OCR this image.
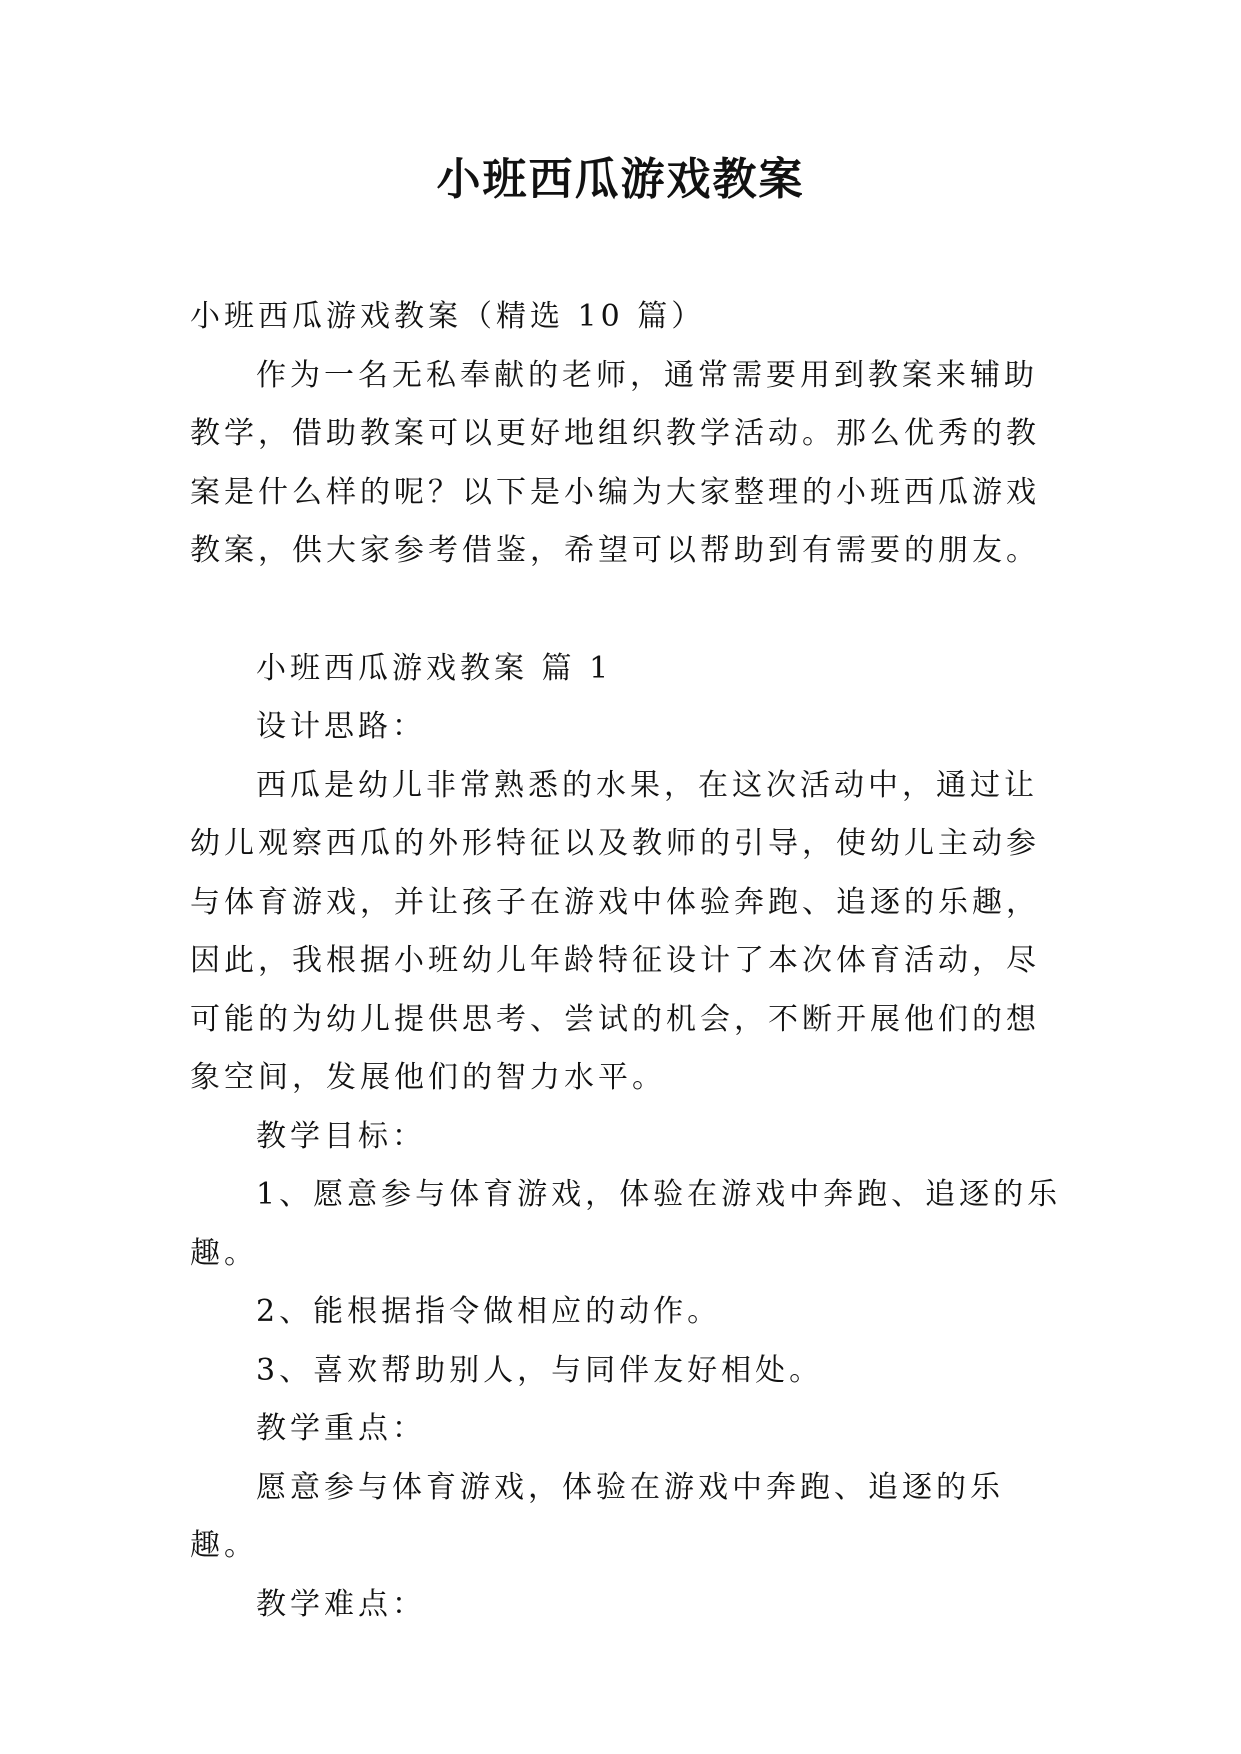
小班西瓜游戏教案

小班西瓜游戏教案（精选 10 篇）

作为一名无私奉献的老师，通常需要用到教案来辅助教学，借助教案可以更好地组织教学活动。那么优秀的教案是什么样的呢？以下是小编为大家整理的小班西瓜游戏教案，供大家参考借鉴，希望可以帮助到有需要的朋友。

小班西瓜游戏教案 篇 1

设计思路：

西瓜是幼儿非常熟悉的水果，在这次活动中，通过让幼儿观察西瓜的外形特征以及教师的引导，使幼儿主动参与体育游戏，并让孩子在游戏中体验奔跑、追逐的乐趣，因此，我根据小班幼儿年龄特征设计了本次体育活动，尽可能的为幼儿提供思考、尝试的机会，不断开展他们的想象空间，发展他们的智力水平。

教学目标：

1、愿意参与体育游戏，体验在游戏中奔跑、追逐的乐趣。

2、能根据指令做相应的动作。

3、喜欢帮助别人，与同伴友好相处。

教学重点：

愿意参与体育游戏，体验在游戏中奔跑、追逐的乐趣。

教学难点：
